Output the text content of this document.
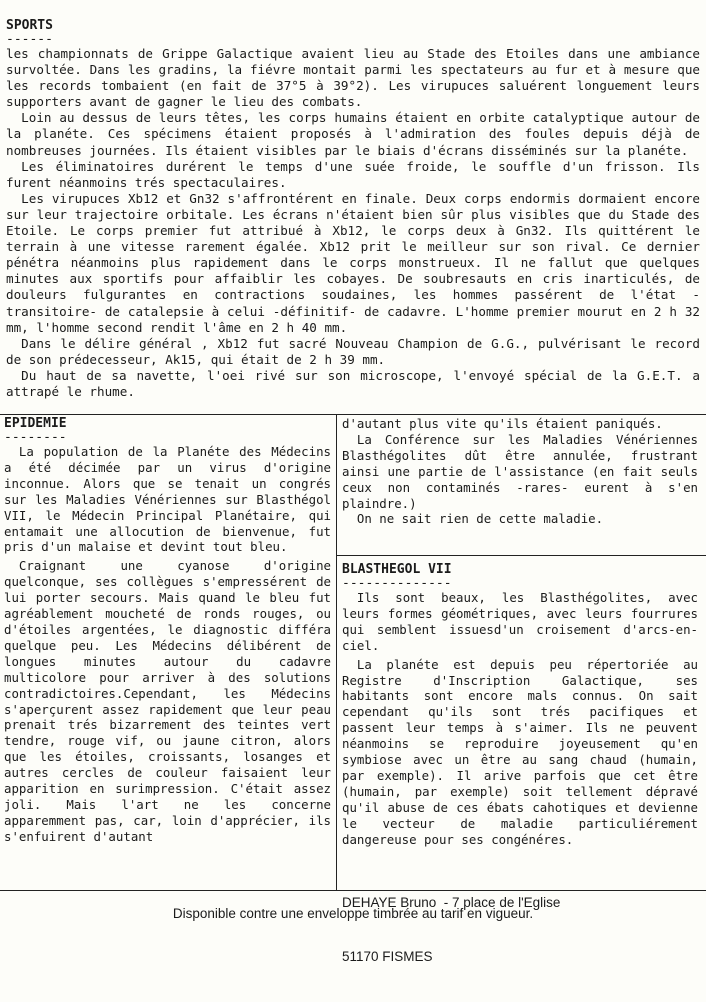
SPORTS
------

les championnats de Grippe Galactique avaient lieu au Stade des Etoiles dans une ambiance survoltée. Dans les gradins, la fiévre montait parmi les spectateurs au fur et à mesure que les records tombaient (en fait de 37°5 à 39°2). Les virupuces saluérent longuement leurs supporters avant de gagner le lieu des combats.

Loin au dessus de leurs têtes, les corps humains étaient en orbite catalyptique autour de la planéte. Ces spécimens étaient proposés à l'admiration des foules depuis déjà de nombreuses journées. Ils étaient visibles par le biais d'écrans disséminés sur la planéte.

Les éliminatoires durérent le temps d'une suée froide, le souffle d'un frisson. Ils furent néanmoins trés spectaculaires.

Les virupuces Xb12 et Gn32 s'affrontérent en finale. Deux corps endormis dormaient encore sur leur trajectoire orbitale. Les écrans n'étaient bien sûr plus visibles que du Stade des Etoile. Le corps premier fut attribué à Xb12, le corps deux à Gn32. Ils quittérent le terrain à une vitesse rarement égalée. Xb12 prit le meilleur sur son rival. Ce dernier pénétra néanmoins plus rapidement dans le corps monstrueux. Il ne fallut que quelques minutes aux sportifs pour affaiblir les cobayes. De soubresauts en cris inarticulés, de douleurs fulgurantes en contractions soudaines, les hommes passérent de l'état -transitoire- de catalepsie à celui -définitif- de cadavre. L'homme premier mourut en 2 h 32 mm, l'homme second rendit l'âme en 2 h 40 mm.

Dans le délire général , Xb12 fut sacré Nouveau Champion de G.G., pulvérisant le record de son prédecesseur, Ak15, qui était de 2 h 39 mm.

Du haut de sa navette, l'oei rivé sur son microscope, l'envoyé spécial de la G.E.T. a attrapé le rhume.

EPIDEMIE
--------

La population de la Planéte des Médecins a été décimée par un virus d'origine inconnue. Alors que se tenait un congrés sur les Maladies Vénériennes sur Blasthégol VII, le Médecin Principal Planétaire, qui entamait une allocution de bienvenue, fut pris d'un malaise et devint tout bleu.

Craignant une cyanose d'origine quelconque, ses collègues s'empressérent de lui porter secours. Mais quand le bleu fut agréablement moucheté de ronds rouges, ou d'étoiles argentées, le diagnostic différa quelque peu. Les Médecins délibérent de longues minutes autour du cadavre multicolore pour arriver à des solutions contradictoires.Cependant, les Médecins s'aperçurent assez rapidement que leur peau prenait trés bizarrement des teintes vert tendre, rouge vif, ou jaune citron, alors que les étoiles, croissants, losanges et autres cercles de couleur faisaient leur apparition en surimpression. C'était assez joli. Mais l'art ne les concerne apparemment pas, car, loin d'apprécier, ils s'enfuirent d'autant

d'autant plus vite qu'ils étaient paniqués.

La Conférence sur les Maladies Vénériennes Blasthégolites dût être annulée, frustrant ainsi une partie de l'assistance (en fait seuls ceux non contaminés -rares- eurent à s'en plaindre.)

On ne sait rien de cette maladie.

BLASTHEGOL VII
--------------

Ils sont beaux, les Blasthégolites, avec leurs formes géométriques, avec leurs fourrures qui semblent issuesd'un croisement d'arcs-en-ciel.

La planéte est depuis peu répertoriée au Registre d'Inscription Galactique, ses habitants sont encore mals connus. On sait cependant qu'ils sont trés pacifiques et passent leur temps à s'aimer. Ils ne peuvent néanmoins se reproduire joyeusement qu'en symbiose avec un être au sang chaud (humain, par exemple). Il arive parfois que cet être (humain, par exemple) soit tellement dépravé qu'il abuse de ces ébats cahotiques et devienne le vecteur de maladie particuliérement dangereuse pour ses congénéres.

DEHAYE Bruno  - 7 place de l'Eglise

51170 FISMES

Disponible contre une enveloppe timbrée au tarif en vigueur.
